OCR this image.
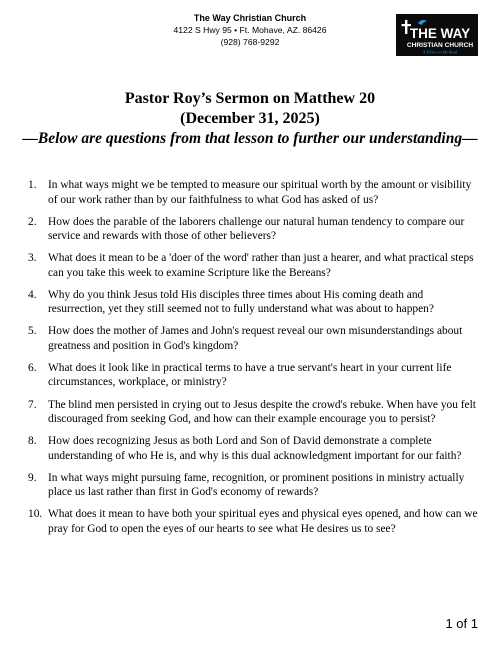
The Way Christian Church
4122 S Hwy 95 • Ft. Mohave, AZ. 86426
(928) 768-9292
THE WAY
CHRISTIAN CHURCH
A Place to Be Real
Pastor Roy’s Sermon on Matthew 20
(December 31, 2025)
—Below are questions from that lesson to further our understanding—
1.	In what ways might we be tempted to measure our spiritual worth by the amount or visibility of our work rather than by our faithfulness to what God has asked of us?
2.	How does the parable of the laborers challenge our natural human tendency to compare our service and rewards with those of other believers?
3.	What does it mean to be a 'doer of the word' rather than just a hearer, and what practical steps can you take this week to examine Scripture like the Bereans?
4.	Why do you think Jesus told His disciples three times about His coming death and resurrection, yet they still seemed not to fully understand what was about to happen?
5.	How does the mother of James and John's request reveal our own misunderstandings about greatness and position in God's kingdom?
6.	What does it look like in practical terms to have a true servant's heart in your current life circumstances, workplace, or ministry?
7.	The blind men persisted in crying out to Jesus despite the crowd's rebuke. When have you felt discouraged from seeking God, and how can their example encourage you to persist?
8.	How does recognizing Jesus as both Lord and Son of David demonstrate a complete understanding of who He is, and why is this dual acknowledgment important for our faith?
9.	In what ways might pursuing fame, recognition, or prominent positions in ministry actually place us last rather than first in God's economy of rewards?
10. What does it mean to have both your spiritual eyes and physical eyes opened, and how can we pray for God to open the eyes of our hearts to see what He desires us to see?
1 of 1
